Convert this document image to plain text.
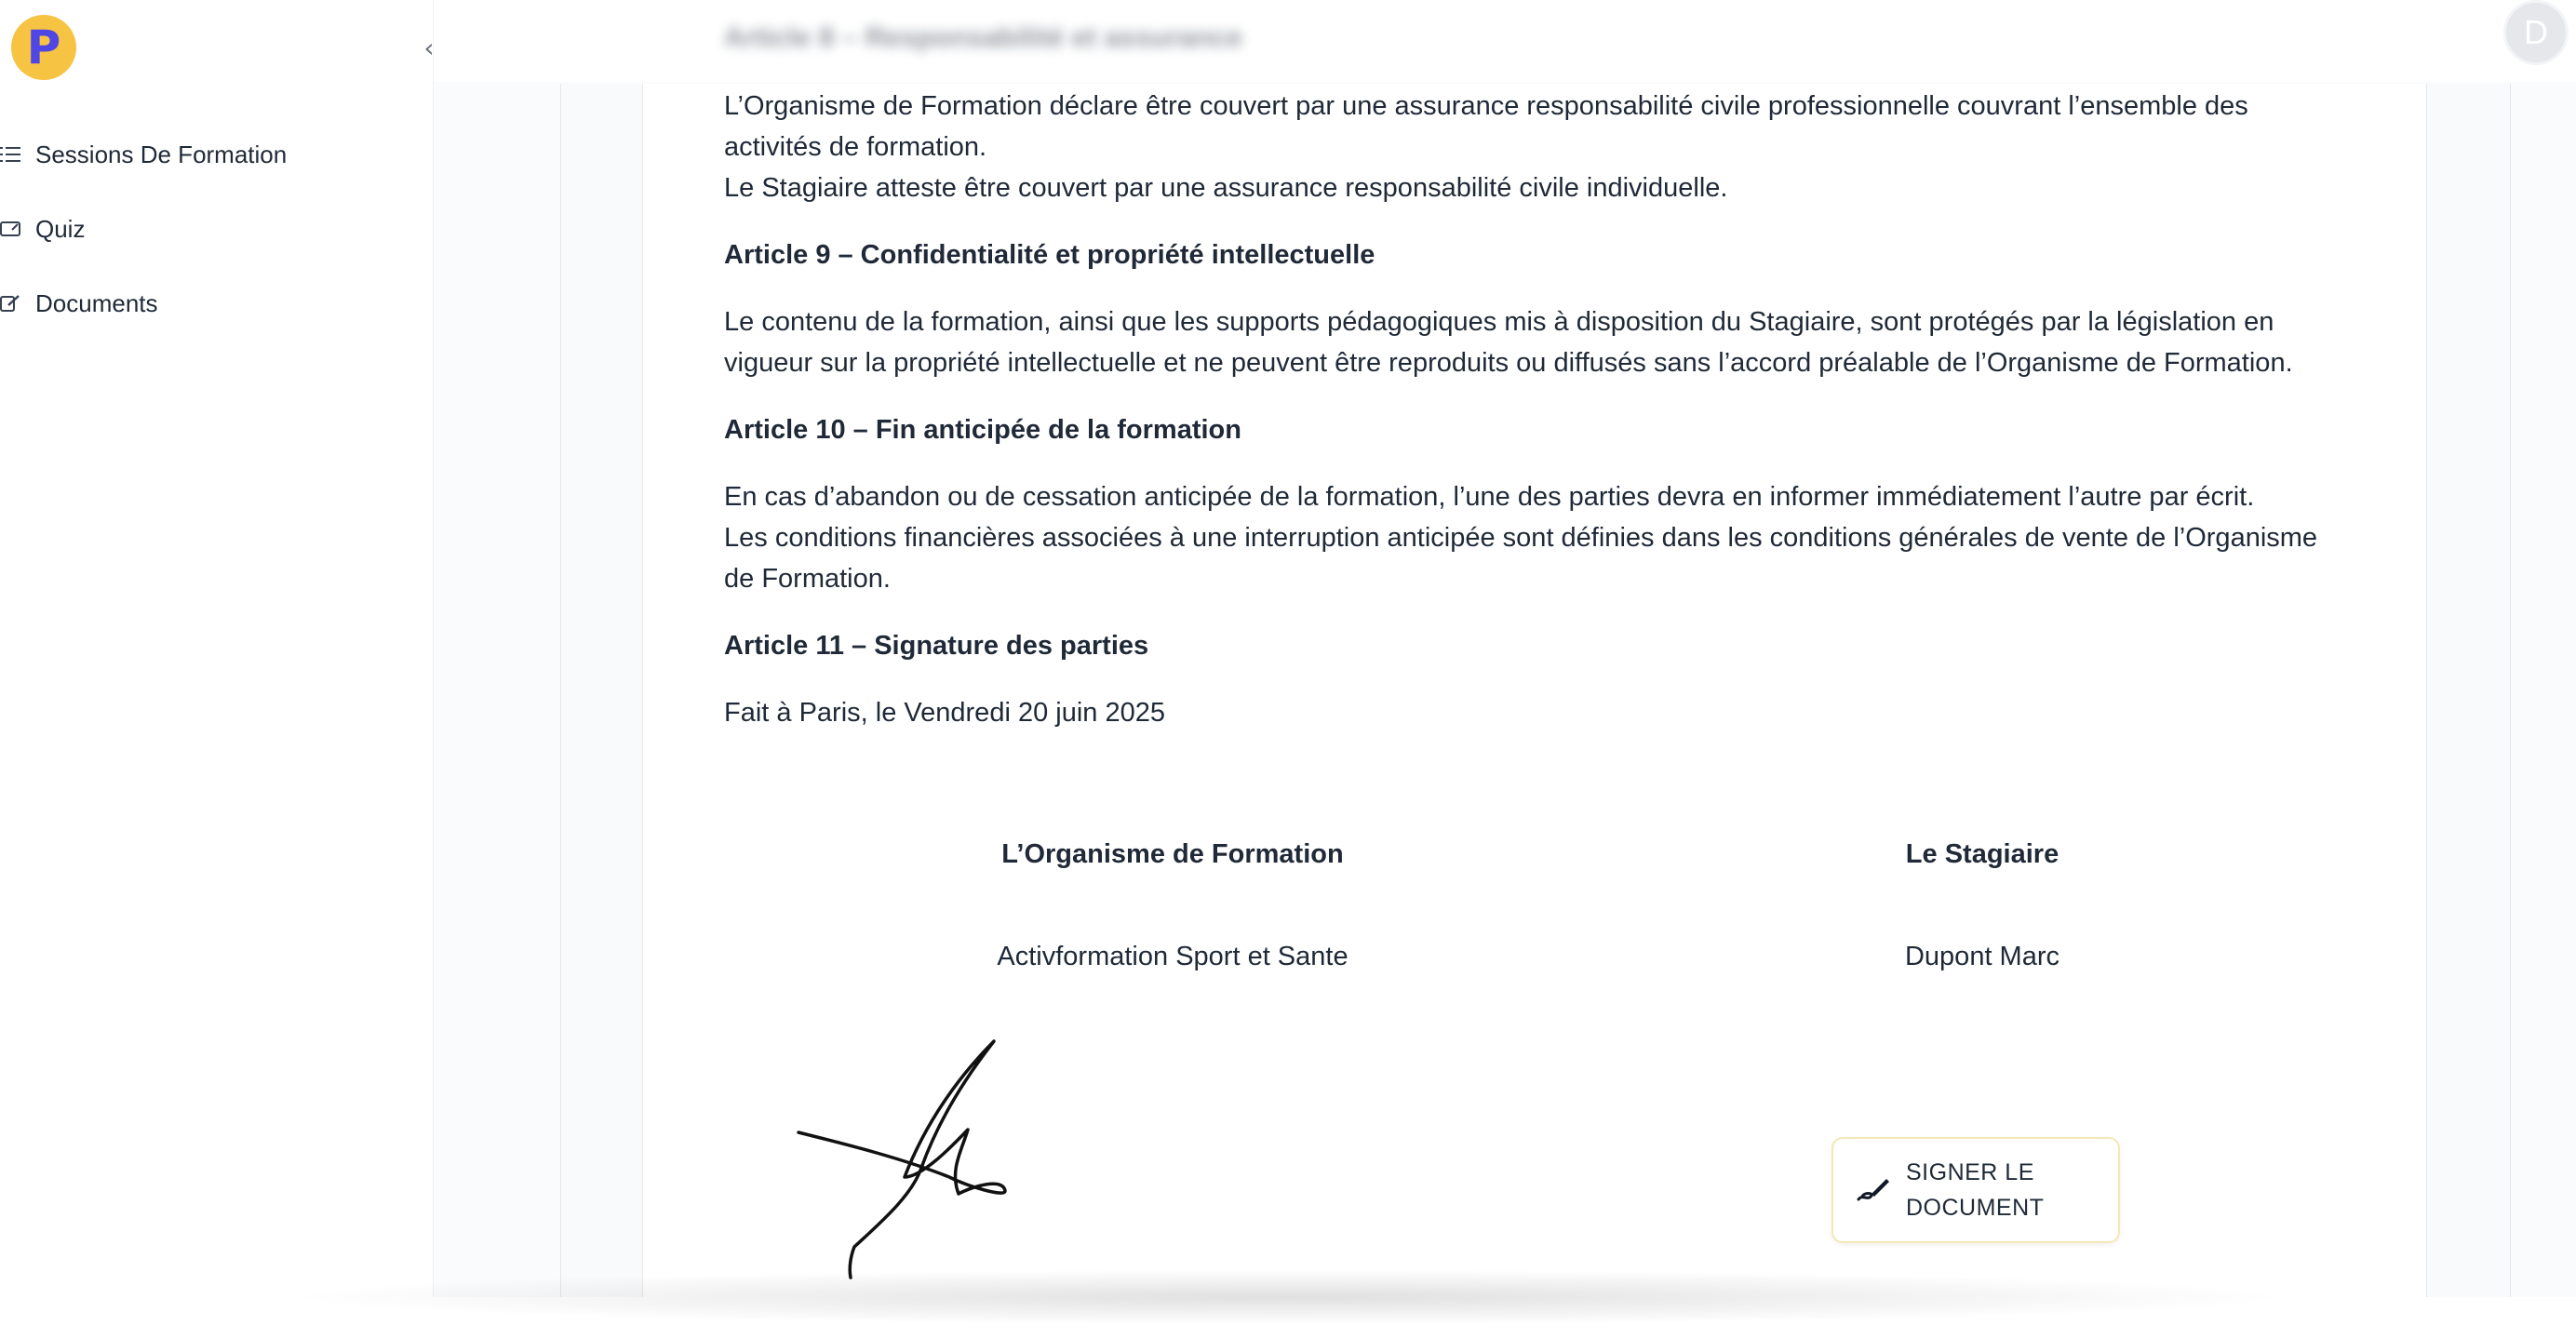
Article 8 – Responsabilité et assurance	D
P	‹
Sessions De Formation
Quiz
Documents

L’Organisme de Formation déclare être couvert par une assurance responsabilité civile professionnelle couvrant l’ensemble des activités de formation.

Le Stagiaire atteste être couvert par une assurance responsabilité civile individuelle.

Article 9 – Confidentialité et propriété intellectuelle

Le contenu de la formation, ainsi que les supports pédagogiques mis à disposition du Stagiaire, sont protégés par la législation en vigueur sur la propriété intellectuelle et ne peuvent être reproduits ou diffusés sans l’accord préalable de l’Organisme de Formation.

Article 10 – Fin anticipée de la formation

En cas d’abandon ou de cessation anticipée de la formation, l’une des parties devra en informer immédiatement l’autre par écrit.

Les conditions financières associées à une interruption anticipée sont définies dans les conditions générales de vente de l’Organisme de Formation.

Article 11 – Signature des parties

Fait à Paris, le Vendredi 20 juin 2025

L’Organisme de Formation
Activformation Sport et Sante
Le Stagiaire
Dupont Marc
SIGNER LE DOCUMENT
